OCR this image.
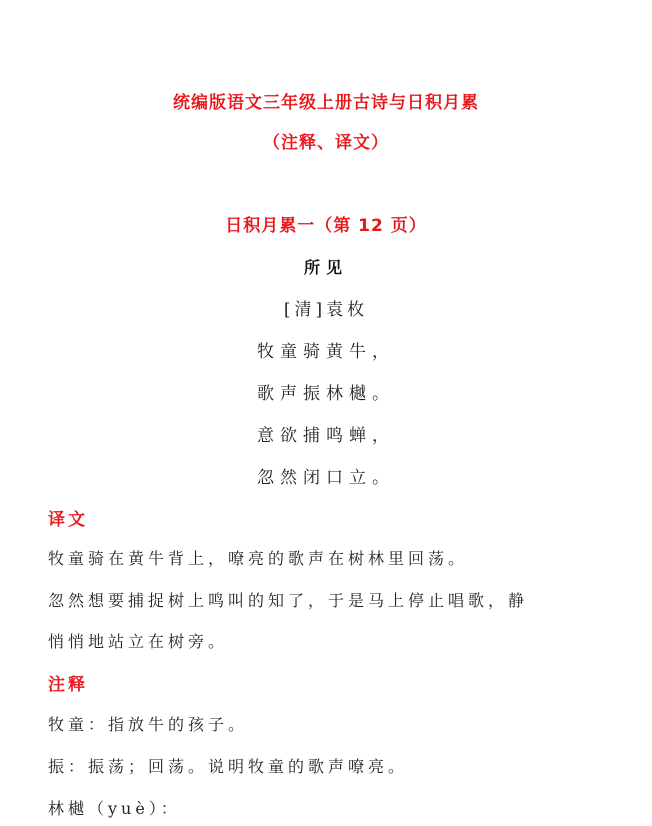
统编版语文三年级上册古诗与日积月累
（注释、译文）
日积月累一（第 12 页）
所见
[清]袁枚
牧童骑黄牛，
歌声振林樾。
意欲捕鸣蝉，
忽然闭口立。
译文
牧童骑在黄牛背上，嘹亮的歌声在树林里回荡。
忽然想要捕捉树上鸣叫的知了，于是马上停止唱歌，静
悄悄地站立在树旁。
注释
牧童：指放牛的孩子。
振：振荡；回荡。说明牧童的歌声嘹亮。
林樾（yuè）：
